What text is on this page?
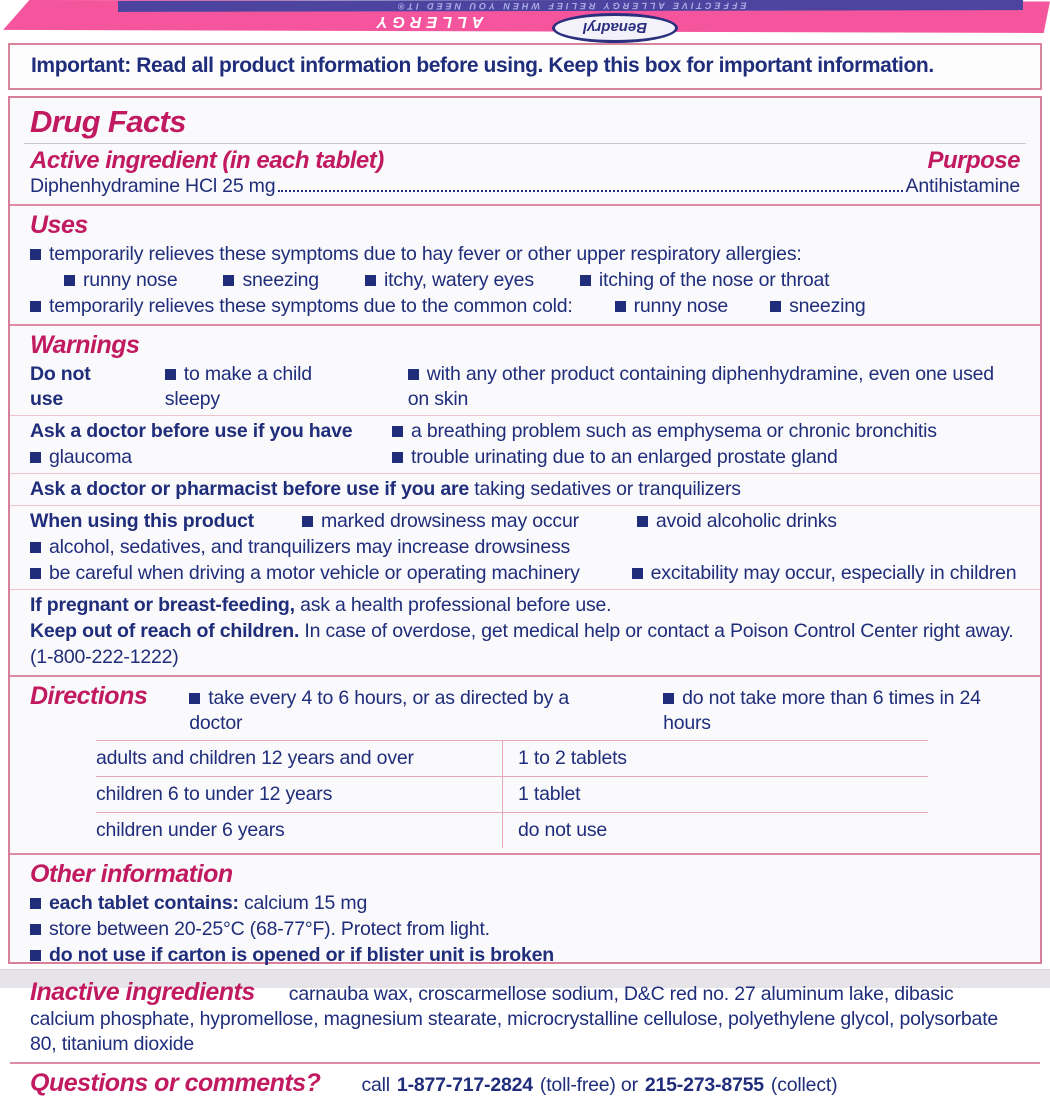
EFFECTIVE ALLERGY RELIEF WHEN YOU NEED IT®
ALLERGY	Benadryl
Important: Read all product information before using. Keep this box for important information.
Drug Facts
Active ingredient (in each tablet)	Purpose
Diphenhydramine HCl 25 mg	Antihistamine
Uses
temporarily relieves these symptoms due to hay fever or other upper respiratory allergies:
runny nose	sneezing	itchy, watery eyes	itching of the nose or throat
temporarily relieves these symptoms due to the common cold:	runny nose	sneezing
Warnings
Do not use
to make a child sleepy
with any other product containing diphenhydramine, even one used on skin
Ask a doctor before use if you have	a breathing problem such as emphysema or chronic bronchitis
glaucoma	trouble urinating due to an enlarged prostate gland
Ask a doctor or pharmacist before use if you are taking sedatives or tranquilizers
When using this product	marked drowsiness may occur	avoid alcoholic drinks
alcohol, sedatives, and tranquilizers may increase drowsiness
be careful when driving a motor vehicle or operating machinery	excitability may occur, especially in children
If pregnant or breast-feeding, ask a health professional before use.
Keep out of reach of children. In case of overdose, get medical help or contact a Poison Control Center right away.
(1-800-222-1222)
Directions	take every 4 to 6 hours, or as directed by a doctor
do not take more than 6 times in 24 hours
adults and children 12 years and over	1 to 2 tablets
children 6 to under 12 years	1 tablet
children under 6 years	do not use
Other information
each tablet contains: calcium 15 mg
store between 20-25°C (68-77°F). Protect from light.
do not use if carton is opened or if blister unit is broken
Inactive ingredients carnauba wax, croscarmellose sodium, D&C red no. 27 aluminum lake, dibasic calcium phosphate, hypromellose, magnesium stearate, microcrystalline cellulose, polyethylene glycol, polysorbate 80, titanium dioxide
Questions or comments? call 1-877-717-2824 (toll-free) or 215-273-8755 (collect)
